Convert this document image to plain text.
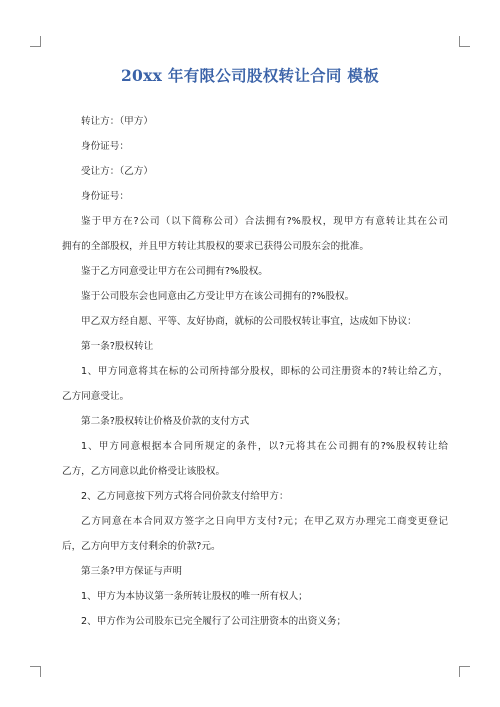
20xx 年有限公司股权转让合同 模板

转让方：（甲方）

身份证号：

受让方：（乙方）

身份证号：

鉴于甲方在?公司（以下简称公司）合法拥有?%股权，现甲方有意转让其在公司

拥有的全部股权，并且甲方转让其股权的要求已获得公司股东会的批准。

鉴于乙方同意受让甲方在公司拥有?%股权。

鉴于公司股东会也同意由乙方受让甲方在该公司拥有的?%股权。

甲乙双方经自愿、平等、友好协商，就标的公司股权转让事宜，达成如下协议：

第一条?股权转让

1、甲方同意将其在标的公司所持部分股权，即标的公司注册资本的?转让给乙方，

乙方同意受让。

第二条?股权转让价格及价款的支付方式

1、甲方同意根据本合同所规定的条件，以?元将其在公司拥有的?%股权转让给

乙方，乙方同意以此价格受让该股权。

2、乙方同意按下列方式将合同价款支付给甲方：

乙方同意在本合同双方签字之日向甲方支付?元；在甲乙双方办理完工商变更登记

后，乙方向甲方支付剩余的价款?元。

第三条?甲方保证与声明

1、甲方为本协议第一条所转让股权的唯一所有权人；

2、甲方作为公司股东已完全履行了公司注册资本的出资义务；
